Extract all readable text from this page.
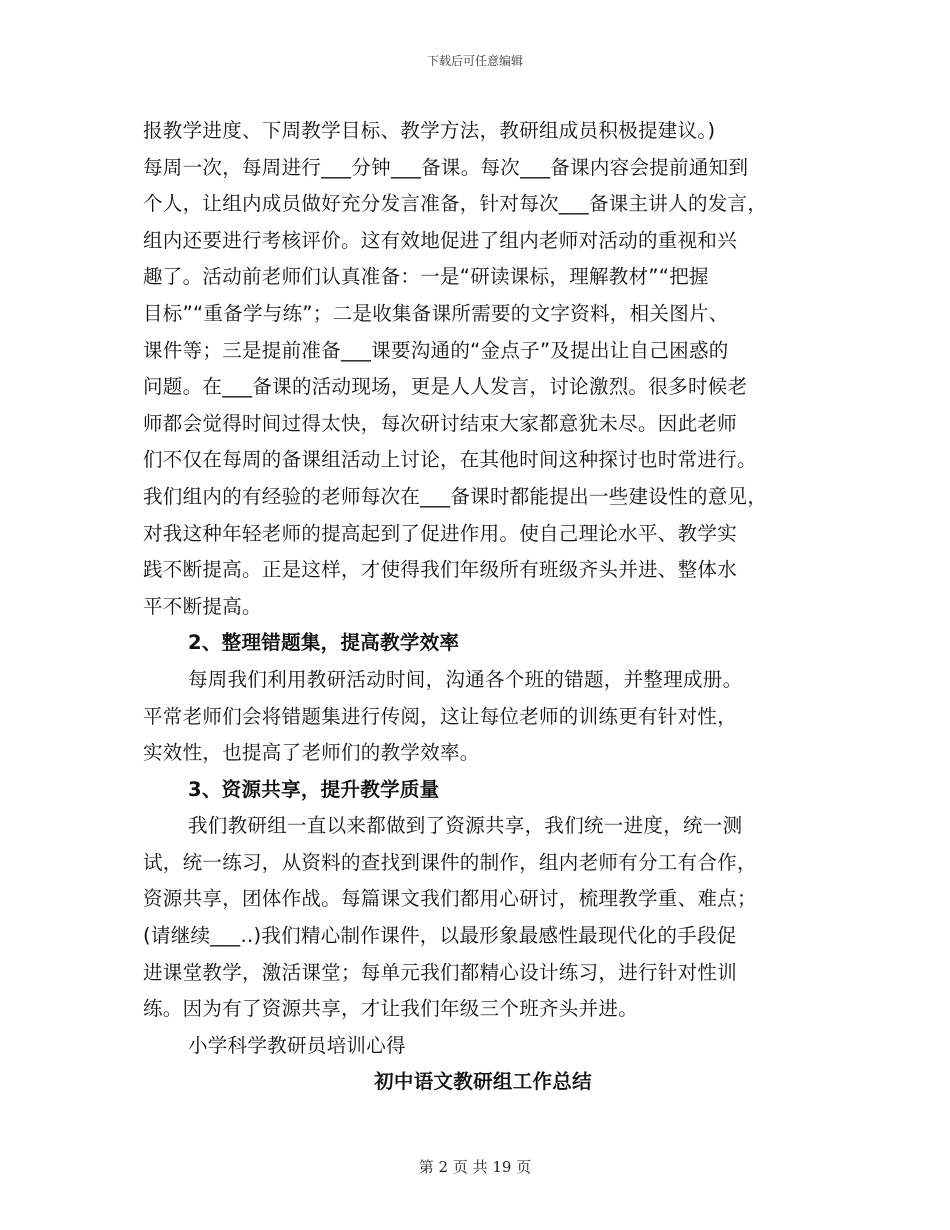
下载后可任意编辑
报教学进度、下周教学目标、教学方法，教研组成员积极提建议。)
每周一次，每周进行___分钟___备课。每次___备课内容会提前通知到
个人，让组内成员做好充分发言准备，针对每次___备课主讲人的发言，
组内还要进行考核评价。这有效地促进了组内老师对活动的重视和兴
趣了。活动前老师们认真准备：一是“研读课标，理解教材”“把握
目标”“重备学与练”；二是收集备课所需要的文字资料，相关图片、
课件等；三是提前准备___课要沟通的“金点子”及提出让自己困惑的
问题。在___备课的活动现场，更是人人发言，讨论激烈。很多时候老
师都会觉得时间过得太快，每次研讨结束大家都意犹未尽。因此老师
们不仅在每周的备课组活动上讨论，在其他时间这种探讨也时常进行。
我们组内的有经验的老师每次在___备课时都能提出一些建设性的意见，
对我这种年轻老师的提高起到了促进作用。使自己理论水平、教学实
践不断提高。正是这样，才使得我们年级所有班级齐头并进、整体水
平不断提高。
2、整理错题集，提高教学效率
每周我们利用教研活动时间，沟通各个班的错题，并整理成册。
平常老师们会将错题集进行传阅，这让每位老师的训练更有针对性，
实效性，也提高了老师们的教学效率。
3、资源共享，提升教学质量
我们教研组一直以来都做到了资源共享，我们统一进度，统一测
试，统一练习，从资料的查找到课件的制作，组内老师有分工有合作，
资源共享，团体作战。每篇课文我们都用心研讨，梳理教学重、难点；
(请继续___..)我们精心制作课件，以最形象最感性最现代化的手段促
进课堂教学，激活课堂；每单元我们都精心设计练习，进行针对性训
练。因为有了资源共享，才让我们年级三个班齐头并进。
小学科学教研员培训心得
初中语文教研组工作总结
第 2 页 共 19 页
